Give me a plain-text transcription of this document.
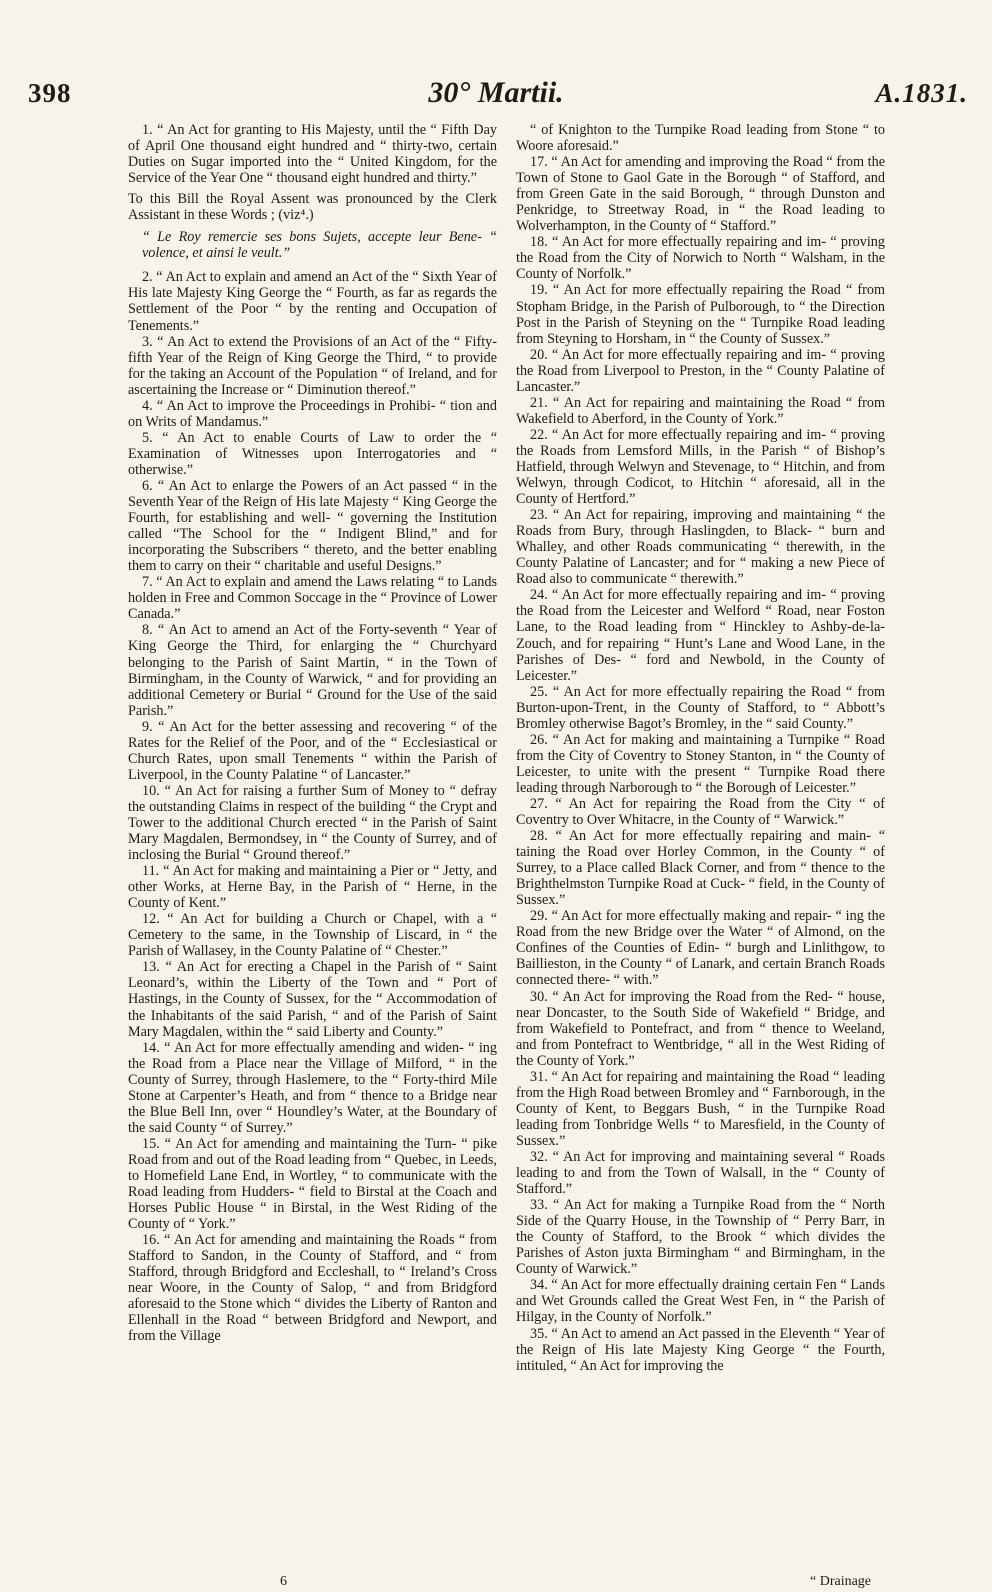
398	30° Martii.	A.1831.

1. “ An Act for granting to His Majesty, until the “ Fifth Day of April One thousand eight hundred and “ thirty-two, certain Duties on Sugar imported into the “ United Kingdom, for the Service of the Year One “ thousand eight hundred and thirty.”

To this Bill the Royal Assent was pronounced by the Clerk Assistant in these Words ; (viz⁴.)

“ Le Roy remercie ses bons Sujets, accepte leur Bene- “ volence, et ainsi le veult.”

2. “ An Act to explain and amend an Act of the “ Sixth Year of His late Majesty King George the “ Fourth, as far as regards the Settlement of the Poor “ by the renting and Occupation of Tenements.”

3. “ An Act to extend the Provisions of an Act of the “ Fifty-fifth Year of the Reign of King George the Third, “ to provide for the taking an Account of the Population “ of Ireland, and for ascertaining the Increase or “ Diminution thereof.”

4. “ An Act to improve the Proceedings in Prohibi- “ tion and on Writs of Mandamus.”

5. “ An Act to enable Courts of Law to order the “ Examination of Witnesses upon Interrogatories and “ otherwise.”

6. “ An Act to enlarge the Powers of an Act passed “ in the Seventh Year of the Reign of His late Majesty “ King George the Fourth, for establishing and well- “ governing the Institution called “The School for the “ Indigent Blind,” and for incorporating the Subscribers “ thereto, and the better enabling them to carry on their “ charitable and useful Designs.”

7. “ An Act to explain and amend the Laws relating “ to Lands holden in Free and Common Soccage in the “ Province of Lower Canada.”

8. “ An Act to amend an Act of the Forty-seventh “ Year of King George the Third, for enlarging the “ Churchyard belonging to the Parish of Saint Martin, “ in the Town of Birmingham, in the County of Warwick, “ and for providing an additional Cemetery or Burial “ Ground for the Use of the said Parish.”

9. “ An Act for the better assessing and recovering “ of the Rates for the Relief of the Poor, and of the “ Ecclesiastical or Church Rates, upon small Tenements “ within the Parish of Liverpool, in the County Palatine “ of Lancaster.”

10. “ An Act for raising a further Sum of Money to “ defray the outstanding Claims in respect of the building “ the Crypt and Tower to the additional Church erected “ in the Parish of Saint Mary Magdalen, Bermondsey, in “ the County of Surrey, and of inclosing the Burial “ Ground thereof.”

11. “ An Act for making and maintaining a Pier or “ Jetty, and other Works, at Herne Bay, in the Parish of “ Herne, in the County of Kent.”

12. “ An Act for building a Church or Chapel, with a “ Cemetery to the same, in the Township of Liscard, in “ the Parish of Wallasey, in the County Palatine of “ Chester.”

13. “ An Act for erecting a Chapel in the Parish of “ Saint Leonard’s, within the Liberty of the Town and “ Port of Hastings, in the County of Sussex, for the “ Accommodation of the Inhabitants of the said Parish, “ and of the Parish of Saint Mary Magdalen, within the “ said Liberty and County.”

14. “ An Act for more effectually amending and widen- “ ing the Road from a Place near the Village of Milford, “ in the County of Surrey, through Haslemere, to the “ Forty-third Mile Stone at Carpenter’s Heath, and from “ thence to a Bridge near the Blue Bell Inn, over “ Houndley’s Water, at the Boundary of the said County “ of Surrey.”

15. “ An Act for amending and maintaining the Turn- “ pike Road from and out of the Road leading from “ Quebec, in Leeds, to Homefield Lane End, in Wortley, “ to communicate with the Road leading from Hudders- “ field to Birstal at the Coach and Horses Public House “ in Birstal, in the West Riding of the County of “ York.”

16. “ An Act for amending and maintaining the Roads “ from Stafford to Sandon, in the County of Stafford, and “ from Stafford, through Bridgford and Eccleshall, to “ Ireland’s Cross near Woore, in the County of Salop, “ and from Bridgford aforesaid to the Stone which “ divides the Liberty of Ranton and Ellenhall in the Road “ between Bridgford and Newport, and from the Village

“ of Knighton to the Turnpike Road leading from Stone “ to Woore aforesaid.”

17. “ An Act for amending and improving the Road “ from the Town of Stone to Gaol Gate in the Borough “ of Stafford, and from Green Gate in the said Borough, “ through Dunston and Penkridge, to Streetway Road, in “ the Road leading to Wolverhampton, in the County of “ Stafford.”

18. “ An Act for more effectually repairing and im- “ proving the Road from the City of Norwich to North “ Walsham, in the County of Norfolk.”

19. “ An Act for more effectually repairing the Road “ from Stopham Bridge, in the Parish of Pulborough, to “ the Direction Post in the Parish of Steyning on the “ Turnpike Road leading from Steyning to Horsham, in “ the County of Sussex.”

20. “ An Act for more effectually repairing and im- “ proving the Road from Liverpool to Preston, in the “ County Palatine of Lancaster.”

21. “ An Act for repairing and maintaining the Road “ from Wakefield to Aberford, in the County of York.”

22. “ An Act for more effectually repairing and im- “ proving the Roads from Lemsford Mills, in the Parish “ of Bishop’s Hatfield, through Welwyn and Stevenage, to “ Hitchin, and from Welwyn, through Codicot, to Hitchin “ aforesaid, all in the County of Hertford.”

23. “ An Act for repairing, improving and maintaining “ the Roads from Bury, through Haslingden, to Black- “ burn and Whalley, and other Roads communicating “ therewith, in the County Palatine of Lancaster; and for “ making a new Piece of Road also to communicate “ therewith.”

24. “ An Act for more effectually repairing and im- “ proving the Road from the Leicester and Welford “ Road, near Foston Lane, to the Road leading from “ Hinckley to Ashby-de-la-Zouch, and for repairing “ Hunt’s Lane and Wood Lane, in the Parishes of Des- “ ford and Newbold, in the County of Leicester.”

25. “ An Act for more effectually repairing the Road “ from Burton-upon-Trent, in the County of Stafford, to “ Abbott’s Bromley otherwise Bagot’s Bromley, in the “ said County.”

26. “ An Act for making and maintaining a Turnpike “ Road from the City of Coventry to Stoney Stanton, in “ the County of Leicester, to unite with the present “ Turnpike Road there leading through Narborough to “ the Borough of Leicester.”

27. “ An Act for repairing the Road from the City “ of Coventry to Over Whitacre, in the County of “ Warwick.”

28. “ An Act for more effectually repairing and main- “ taining the Road over Horley Common, in the County “ of Surrey, to a Place called Black Corner, and from “ thence to the Brighthelmston Turnpike Road at Cuck- “ field, in the County of Sussex.”

29. “ An Act for more effectually making and repair- “ ing the Road from the new Bridge over the Water “ of Almond, on the Confines of the Counties of Edin- “ burgh and Linlithgow, to Baillieston, in the County “ of Lanark, and certain Branch Roads connected there- “ with.”

30. “ An Act for improving the Road from the Red- “ house, near Doncaster, to the South Side of Wakefield “ Bridge, and from Wakefield to Pontefract, and from “ thence to Weeland, and from Pontefract to Wentbridge, “ all in the West Riding of the County of York.”

31. “ An Act for repairing and maintaining the Road “ leading from the High Road between Bromley and “ Farnborough, in the County of Kent, to Beggars Bush, “ in the Turnpike Road leading from Tonbridge Wells “ to Maresfield, in the County of Sussex.”

32. “ An Act for improving and maintaining several “ Roads leading to and from the Town of Walsall, in the “ County of Stafford.”

33. “ An Act for making a Turnpike Road from the “ North Side of the Quarry House, in the Township of “ Perry Barr, in the County of Stafford, to the Brook “ which divides the Parishes of Aston juxta Birmingham “ and Birmingham, in the County of Warwick.”

34. “ An Act for more effectually draining certain Fen “ Lands and Wet Grounds called the Great West Fen, in “ the Parish of Hilgay, in the County of Norfolk.”

35. “ An Act to amend an Act passed in the Eleventh “ Year of the Reign of His late Majesty King George “ the Fourth, intituled, “ An Act for improving the

6	“ Drainage
